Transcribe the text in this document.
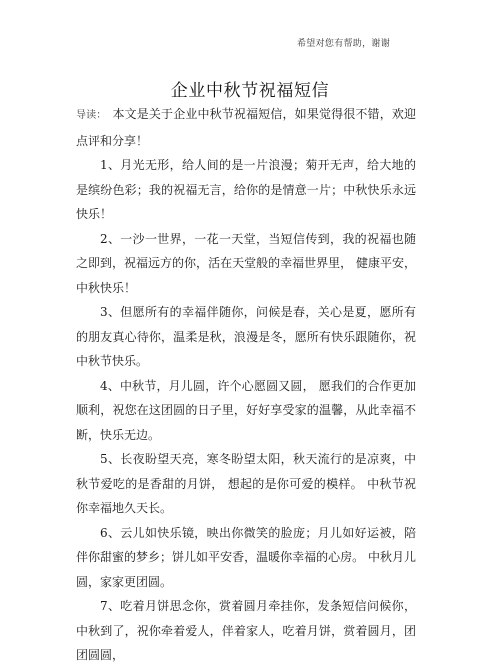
希望对您有帮助，谢谢
企业中秋节祝福短信

导读： 本文是关于企业中秋节祝福短信，如果觉得很不错，欢迎点评和分享！

1、月光无形，给人间的是一片浪漫；菊开无声，给大地的是缤纷色彩；我的祝福无言，给你的是情意一片；中秋快乐永远快乐！

2、一沙一世界，一花一天堂，当短信传到，我的祝福也随之即到，祝福远方的你，活在天堂般的幸福世界里， 健康平安，中秋快乐！

3、但愿所有的幸福伴随你，问候是春，关心是夏，愿所有的朋友真心待你，温柔是秋，浪漫是冬，愿所有快乐跟随你，祝中秋节快乐。

4、中秋节，月儿圆，许个心愿圆又圆， 愿我们的合作更加顺利，祝您在这团圆的日子里，好好享受家的温馨，从此幸福不断，快乐无边。

5、长夜盼望天亮，寒冬盼望太阳，秋天流行的是凉爽，中秋节爱吃的是香甜的月饼， 想起的是你可爱的模样。 中秋节祝你幸福地久天长。

6、云儿如快乐镜，映出你微笑的脸庞；月儿如好运被，陪伴你甜蜜的梦乡；饼儿如平安香，温暖你幸福的心房。 中秋月儿圆，家家更团圆。

7、吃着月饼思念你，赏着圆月牵挂你，发条短信问候你，中秋到了，祝你牵着爱人，伴着家人，吃着月饼，赏着圆月，团团圆圆，
